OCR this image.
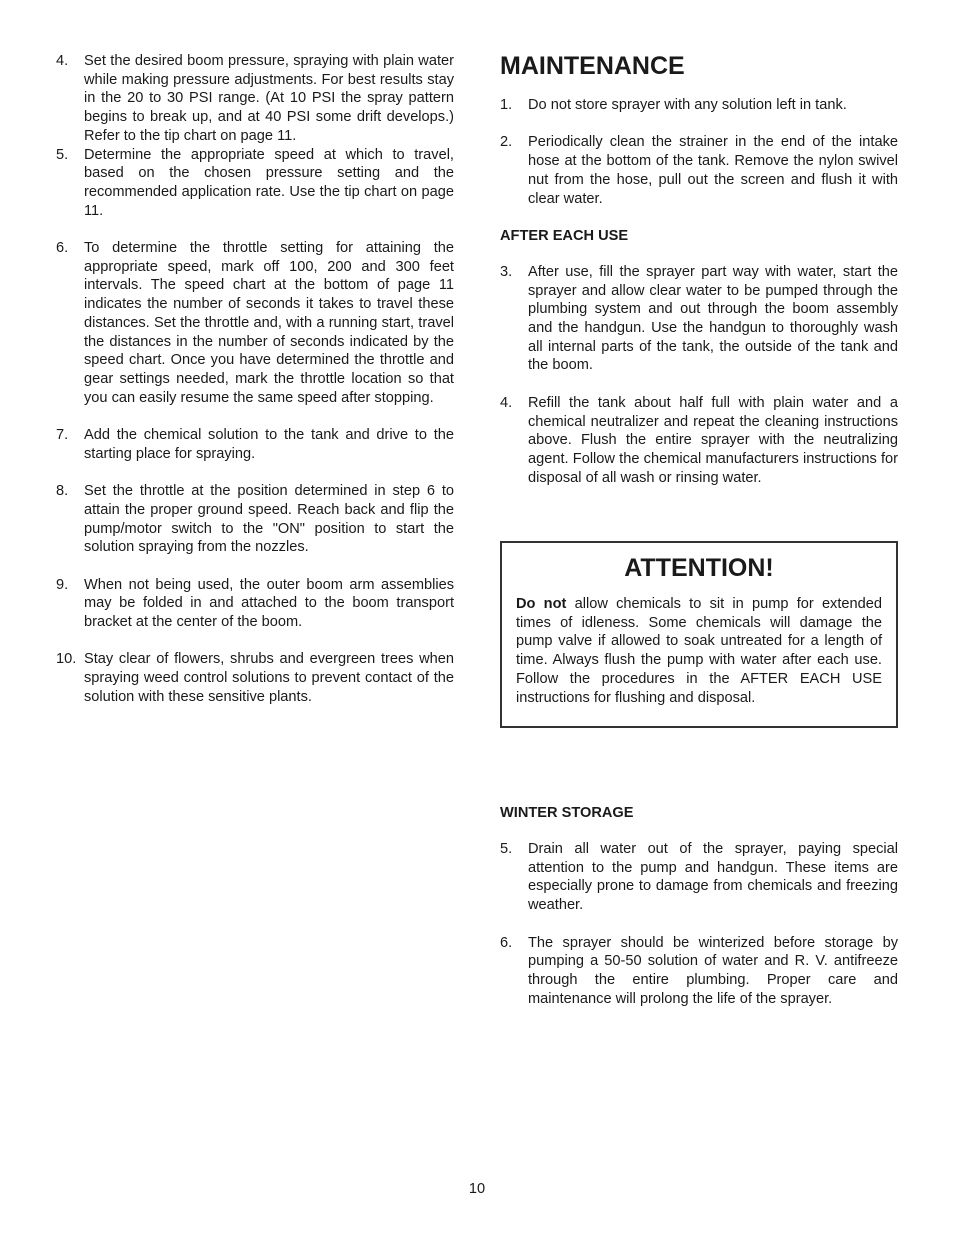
4.	Set the desired boom pressure, spraying with plain water while making pressure adjustments. For best results stay in the 20 to 30 PSI range. (At 10 PSI the spray pattern begins to break up, and at 40 PSI some drift develops.) Refer to the tip chart on page 11.
5.	Determine the appropriate speed at which to travel, based on the chosen pressure setting and the recommended application rate. Use the tip chart on page 11.
6.	To determine the throttle setting for attaining the appropriate speed, mark off 100, 200 and 300 feet intervals. The speed chart at the bottom of page 11 indicates the number of seconds it takes to travel these distances. Set the throttle and, with a running start, travel the distances in the number of seconds indicated by the speed chart. Once you have determined the throttle and gear settings needed, mark the throttle location so that you can easily resume the same speed after stopping.
7.	Add the chemical solution to the tank and drive to the starting place for spraying.
8.	Set the throttle at the position determined in step 6 to attain the proper ground speed. Reach back and flip the pump/motor switch to the "ON" position to start the solution spraying from the nozzles.
9.	When not being used, the outer boom arm assemblies may be folded in and attached to the boom transport bracket at the center of the boom.
10. Stay clear of flowers, shrubs and evergreen trees when spraying weed control solutions to prevent contact of the solution with these sensitive plants.
MAINTENANCE
1.	Do not store sprayer with any solution left in tank.
2.	Periodically clean the strainer in the end of the intake hose at the bottom of the tank. Remove the nylon swivel nut from the hose, pull out the screen and flush it with clear water.
AFTER EACH USE
3.	After use, fill the sprayer part way with water, start the sprayer and allow clear water to be pumped through the plumbing system and out through the boom assembly and the handgun. Use the handgun to thoroughly wash all internal parts of the tank, the outside of the tank and the boom.
4.	Refill the tank about half full with plain water and a chemical neutralizer and repeat the cleaning instructions above. Flush the entire sprayer with the neutralizing agent. Follow the chemical manufacturers instructions for disposal of all wash or rinsing water.
ATTENTION!

Do not allow chemicals to sit in pump for extended times of idleness. Some chemicals will damage the pump valve if allowed to soak untreated for a length of time. Always flush the pump with water after each use. Follow the procedures in the AFTER EACH USE instructions for flushing and disposal.

WINTER STORAGE
5.	Drain all water out of the sprayer, paying special attention to the pump and handgun. These items are especially prone to damage from chemicals and freezing weather.
6.	The sprayer should be winterized before storage by pumping a 50-50 solution of water and R. V. antifreeze through the entire plumbing. Proper care and maintenance will prolong the life of the sprayer.
10
